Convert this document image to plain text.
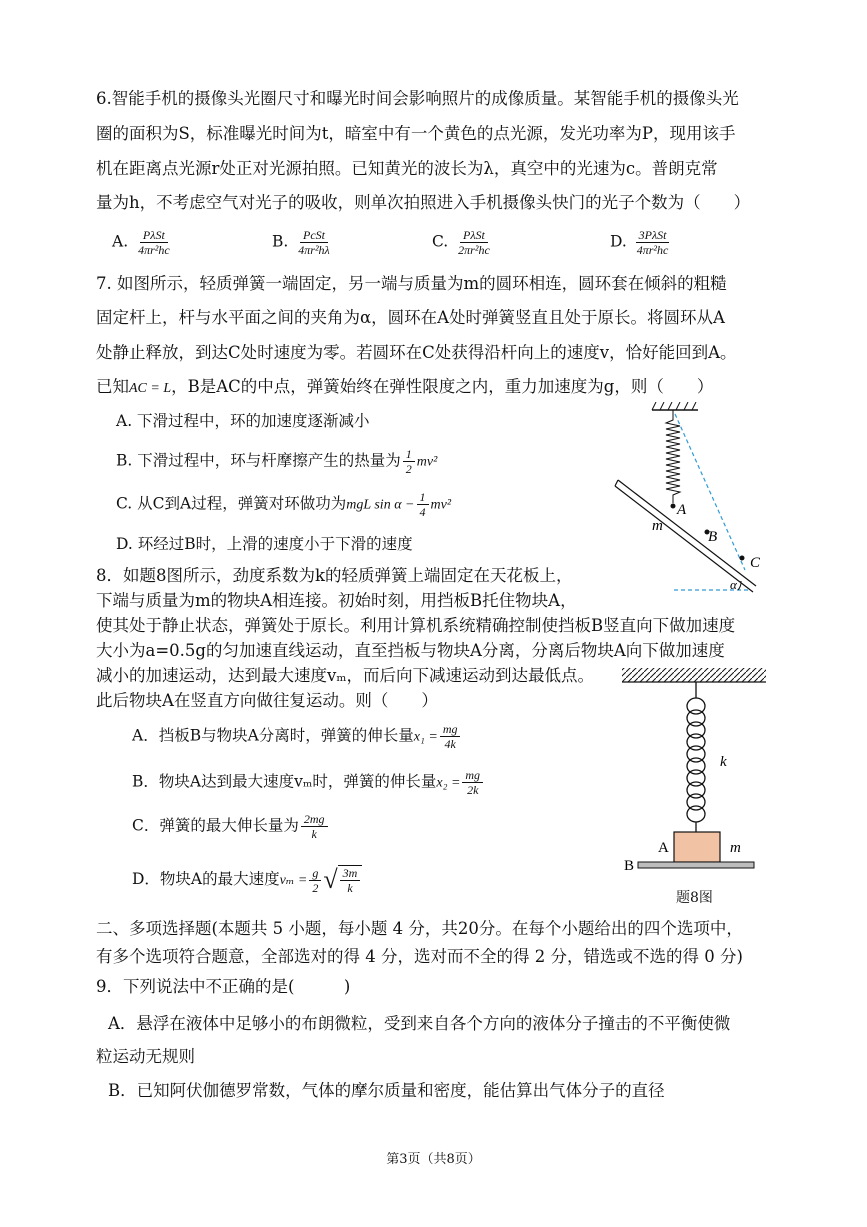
6.智能手机的摄像头光圈尺寸和曝光时间会影响照片的成像质量。某智能手机的摄像头光
圈的面积为S，标准曝光时间为t，暗室中有一个黄色的点光源，发光功率为P，现用该手
机在距离点光源r处正对光源拍照。已知黄光的波长为λ，真空中的光速为c。普朗克常
量为h，不考虑空气对光子的吸收，则单次拍照进入手机摄像头快门的光子个数为（　　）
A. $\frac{\text{PλSt}}{\text{4πr²hc}}$	B. $\frac{\text{PcSt}}{\text{4πr²hλ}}$	C. $\frac{\text{PλSt}}{\text{2πr²hc}}$	D. $\frac{\text{3PλSt}}{\text{4πr²hc}}$
7. 如图所示，轻质弹簧一端固定，另一端与质量为m的圆环相连，圆环套在倾斜的粗糙
固定杆上，杆与水平面之间的夹角为α，圆环在A处时弹簧竖直且处于原长。将圆环从A
处静止释放，到达C处时速度为零。若圆环在C处获得沿杆向上的速度v，恰好能回到A。
已知AC = L，B是AC的中点，弹簧始终在弹性限度之内，重力加速度为g，则（　　）
A. 下滑过程中，环的加速度逐渐减小
B. 下滑过程中，环与杆摩擦产生的热量为 $\frac{1}{2} mv^2$
C. 从C到A过程，弹簧对环做功为mgL $\sin \alpha - \frac{1}{4} mv^2$
D. 环经过B时，上滑的速度小于下滑的速度
A
m
B
C
α
8．如题8图所示，劲度系数为k的轻质弹簧上端固定在天花板上，
下端与质量为m的物块A相连接。初始时刻，用挡板B托住物块A，
使其处于静止状态，弹簧处于原长。利用计算机系统精确控制使挡板B竖直向下做加速度
大小为a=0.5g的匀加速直线运动，直至挡板与物块A分离，分离后物块A向下做加速度
减小的加速运动，达到最大速度vₘ，而后向下减速运动到达最低点。
此后物块A在竖直方向做往复运动。则（　　）
A．挡板B与物块A分离时，弹簧的伸长量$x_1 = \frac{mg}{4k}$
B．物块A达到最大速度vₘ时，弹簧的伸长量$x_2 = \frac{mg}{2k}$
C．弹簧的最大伸长量为 $\frac{2mg}{k}$
D．物块A的最大速度$v_m = \frac{g}{2}$ √ $\frac{3m}{k}$
k
A	m
B
题8图
二、多项选择题(本题共 5 小题，每小题 4 分，共20分。在每个小题给出的四个选项中，
有多个选项符合题意，全部选对的得 4 分，选对而不全的得 2 分，错选或不选的得 0 分)
9．下列说法中不正确的是(　　　)
A．悬浮在液体中足够小的布朗微粒，受到来自各个方向的液体分子撞击的不平衡使微
粒运动无规则
B．已知阿伏伽德罗常数，气体的摩尔质量和密度，能估算出气体分子的直径
第3页（共8页）
